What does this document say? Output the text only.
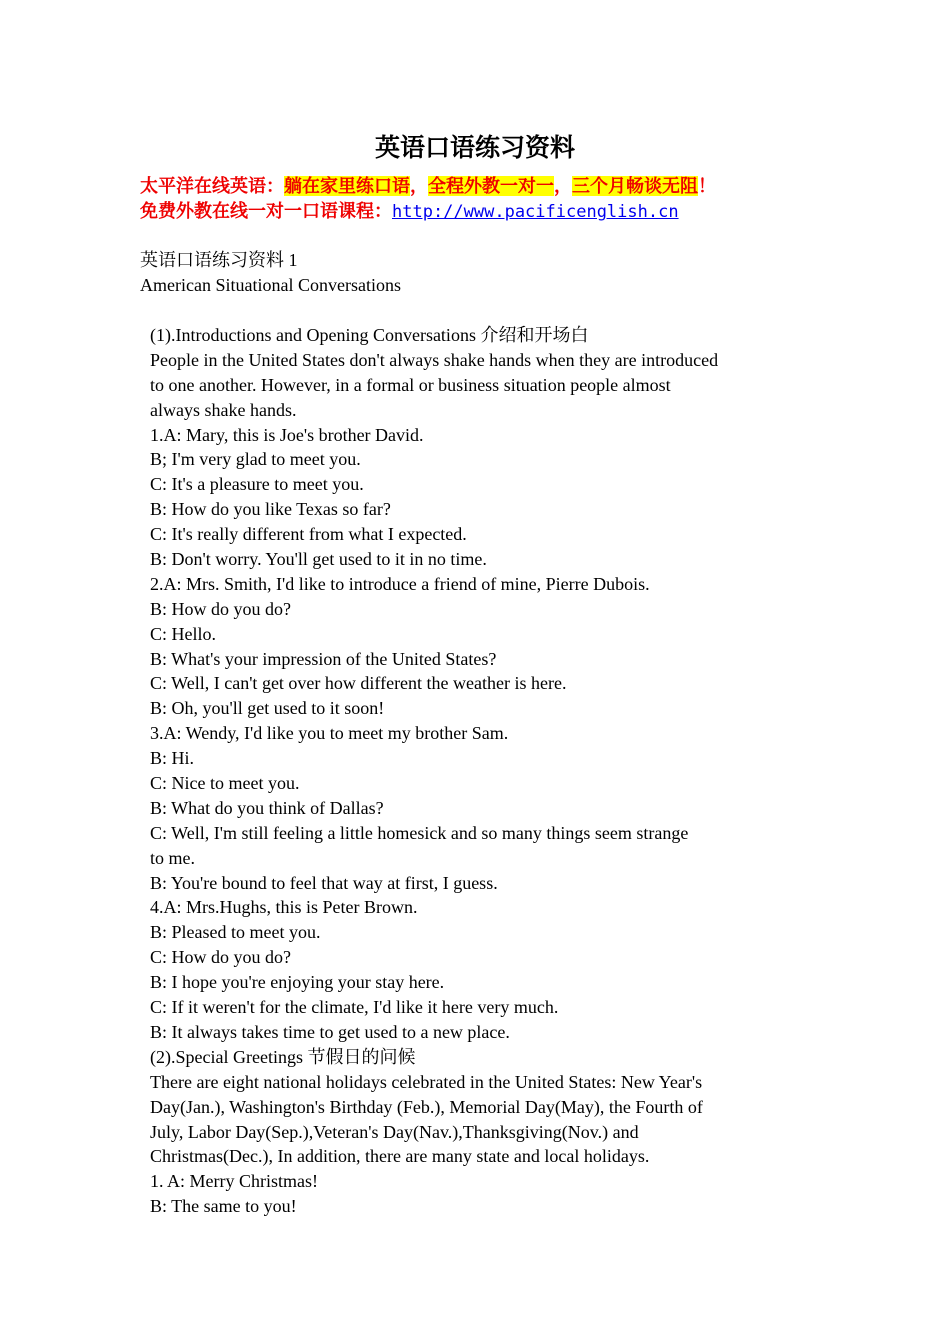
英语口语练习资料
太平洋在线英语：躺在家里练口语，全程外教一对一，三个月畅谈无阻！
免费外教在线一对一口语课程：http://www.pacificenglish.cn
英语口语练习资料 1
American Situational Conversations
(1).Introductions and Opening Conversations 介绍和开场白
People in the United States don't always shake hands when they are introduced
to one another. However, in a formal or business situation people almost
always shake hands.
1.A: Mary, this is Joe's brother David.
B; I'm very glad to meet you.
C: It's a pleasure to meet you.
B: How do you like Texas so far?
C: It's really different from what I expected.
B: Don't worry. You'll get used to it in no time.
2.A: Mrs. Smith, I'd like to introduce a friend of mine, Pierre Dubois.
B: How do you do?
C: Hello.
B: What's your impression of the United States?
C: Well, I can't get over how different the weather is here.
B: Oh, you'll get used to it soon!
3.A: Wendy, I'd like you to meet my brother Sam.
B: Hi.
C: Nice to meet you.
B: What do you think of Dallas?
C: Well, I'm still feeling a little homesick and so many things seem strange
to me.
B: You're bound to feel that way at first, I guess.
4.A: Mrs.Hughs, this is Peter Brown.
B: Pleased to meet you.
C: How do you do?
B: I hope you're enjoying your stay here.
C: If it weren't for the climate, I'd like it here very much.
B: It always takes time to get used to a new place.
(2).Special Greetings 节假日的问候
There are eight national holidays celebrated in the United States: New Year's
Day(Jan.), Washington's Birthday (Feb.), Memorial Day(May), the Fourth of
July, Labor Day(Sep.),Veteran's Day(Nav.),Thanksgiving(Nov.) and
Christmas(Dec.), In addition, there are many state and local holidays.
1. A: Merry Christmas!
B: The same to you!
